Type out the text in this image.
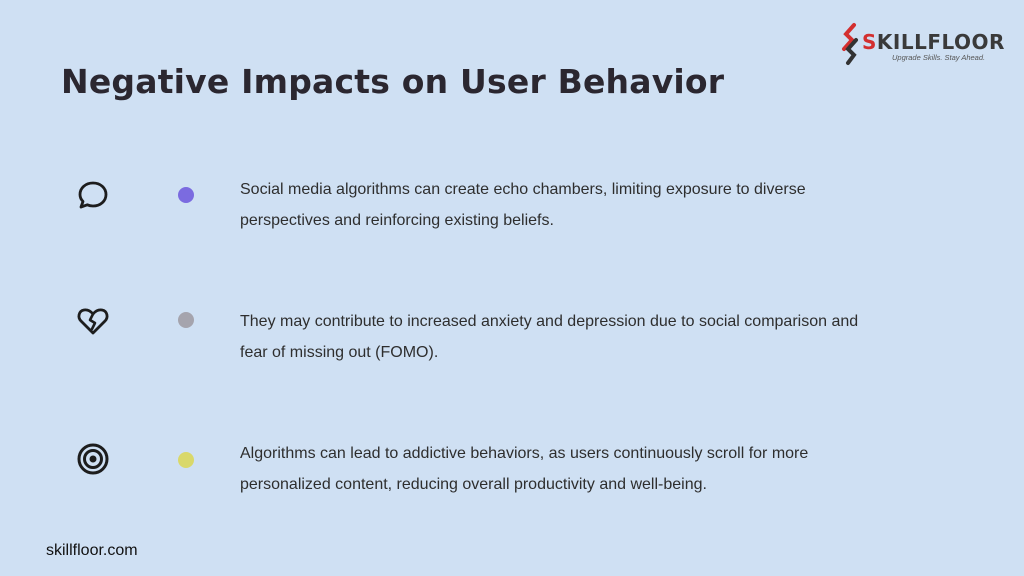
Negative Impacts on User Behavior
SKILLFLOOR
Upgrade Skills. Stay Ahead.
Social media algorithms can create echo chambers, limiting exposure to diverse perspectives and reinforcing existing beliefs.
They may contribute to increased anxiety and depression due to social comparison and fear of missing out (FOMO).
Algorithms can lead to addictive behaviors, as users continuously scroll for more personalized content, reducing overall productivity and well-being.
skillfloor.com
